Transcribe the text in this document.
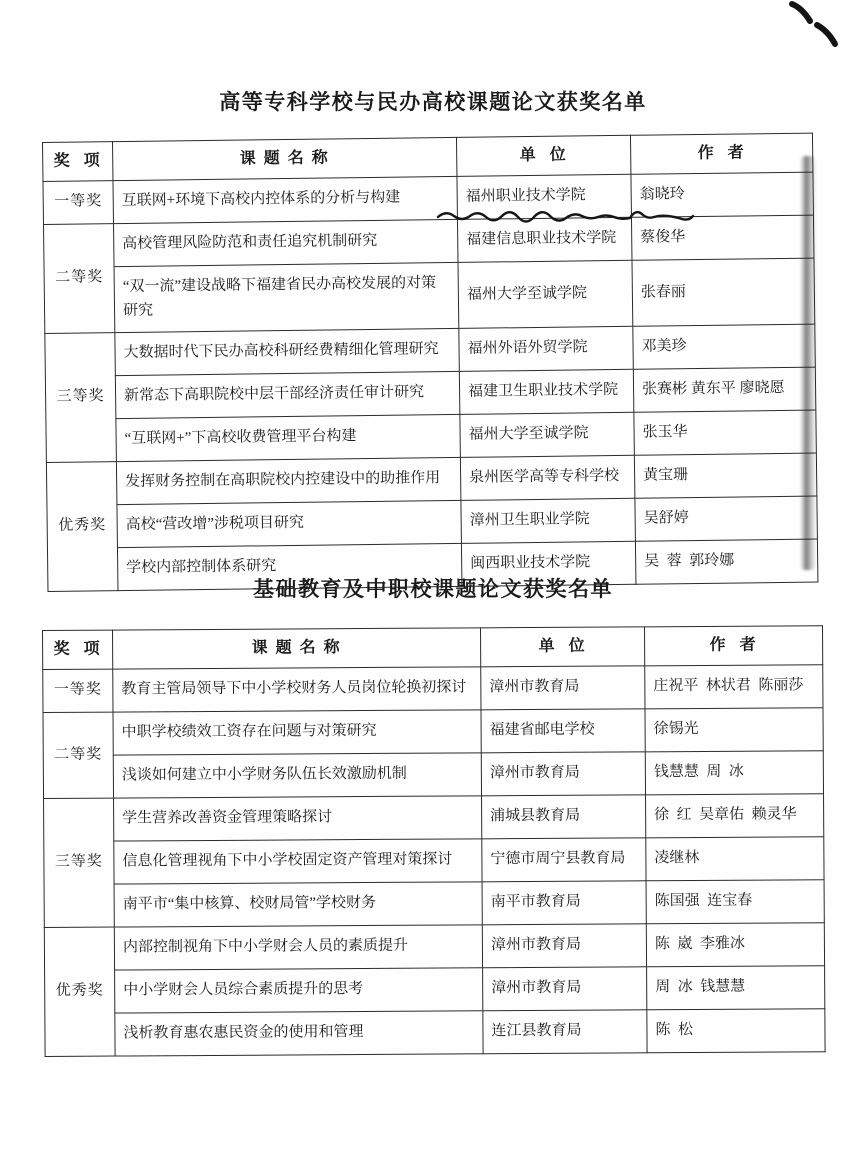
高等专科学校与民办高校课题论文获奖名单
奖  项	课 题 名 称	单  位	作  者
一等奖	互联网+环境下高校内控体系的分析与构建	福州职业技术学院	翁晓玲
二等奖	高校管理风险防范和责任追究机制研究	福建信息职业技术学院	蔡俊华
	“双一流”建设战略下福建省民办高校发展的对策研究	福州大学至诚学院	张春丽
三等奖	大数据时代下民办高校科研经费精细化管理研究	福州外语外贸学院	邓美珍
	新常态下高职院校中层干部经济责任审计研究	福建卫生职业技术学院	张赛彬 黄东平 廖晓愿
	“互联网+”下高校收费管理平台构建	福州大学至诚学院	张玉华
优秀奖	发挥财务控制在高职院校内控建设中的助推作用	泉州医学高等专科学校	黄宝珊
	高校“营改增”涉税项目研究	漳州卫生职业学院	吴舒婷
	学校内部控制体系研究	闽西职业技术学院	吴  蓉  郭玲娜
基础教育及中职校课题论文获奖名单
奖  项	课 题 名 称	单  位	作  者
一等奖	教育主管局领导下中小学校财务人员岗位轮换初探讨	漳州市教育局	庄祝平  林状君  陈丽莎
二等奖	中职学校绩效工资存在问题与对策研究	福建省邮电学校	徐锡光
	浅谈如何建立中小学财务队伍长效激励机制	漳州市教育局	钱慧慧  周  冰
三等奖	学生营养改善资金管理策略探讨	浦城县教育局	徐  红  吴章佑  赖灵华
	信息化管理视角下中小学校固定资产管理对策探讨	宁德市周宁县教育局	凌继林
	南平市“集中核算、校财局管”学校财务	南平市教育局	陈国强  连宝春
优秀奖	内部控制视角下中小学财会人员的素质提升	漳州市教育局	陈  崴  李雅冰
	中小学财会人员综合素质提升的思考	漳州市教育局	周  冰  钱慧慧
	浅析教育惠农惠民资金的使用和管理	连江县教育局	陈  松
